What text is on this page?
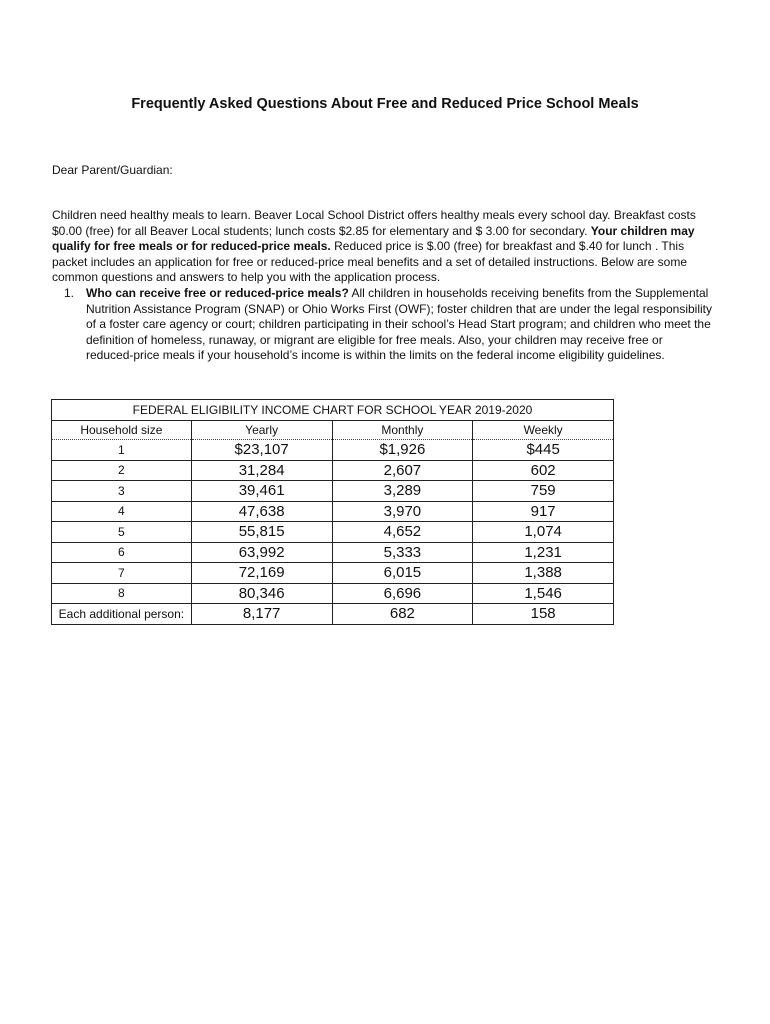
Frequently Asked Questions About Free and Reduced Price School Meals
Dear Parent/Guardian:
Children need healthy meals to learn. Beaver Local School District offers healthy meals every school day. Breakfast costs $0.00 (free) for all Beaver Local students; lunch costs $2.85 for elementary and $ 3.00 for secondary. Your children may qualify for free meals or for reduced-price meals. Reduced price is $.00 (free) for breakfast and $.40 for lunch . This packet includes an application for free or reduced-price meal benefits and a set of detailed instructions. Below are some common questions and answers to help you with the application process.
1. Who can receive free or reduced-price meals? All children in households receiving benefits from the Supplemental Nutrition Assistance Program (SNAP) or Ohio Works First (OWF); foster children that are under the legal responsibility of a foster care agency or court; children participating in their school’s Head Start program; and children who meet the definition of homeless, runaway, or migrant are eligible for free meals. Also, your children may receive free or reduced-price meals if your household’s income is within the limits on the federal income eligibility guidelines.
FEDERAL ELIGIBILITY INCOME CHART FOR SCHOOL YEAR 2019-2020			
Household size	Yearly	Monthly	Weekly
1	$23,107	$1,926	$445
2	31,284	2,607	602
3	39,461	3,289	759
4	47,638	3,970	917
5	55,815	4,652	1,074
6	63,992	5,333	1,231
7	72,169	6,015	1,388
8	80,346	6,696	1,546
Each additional person:	8,177	682	158
